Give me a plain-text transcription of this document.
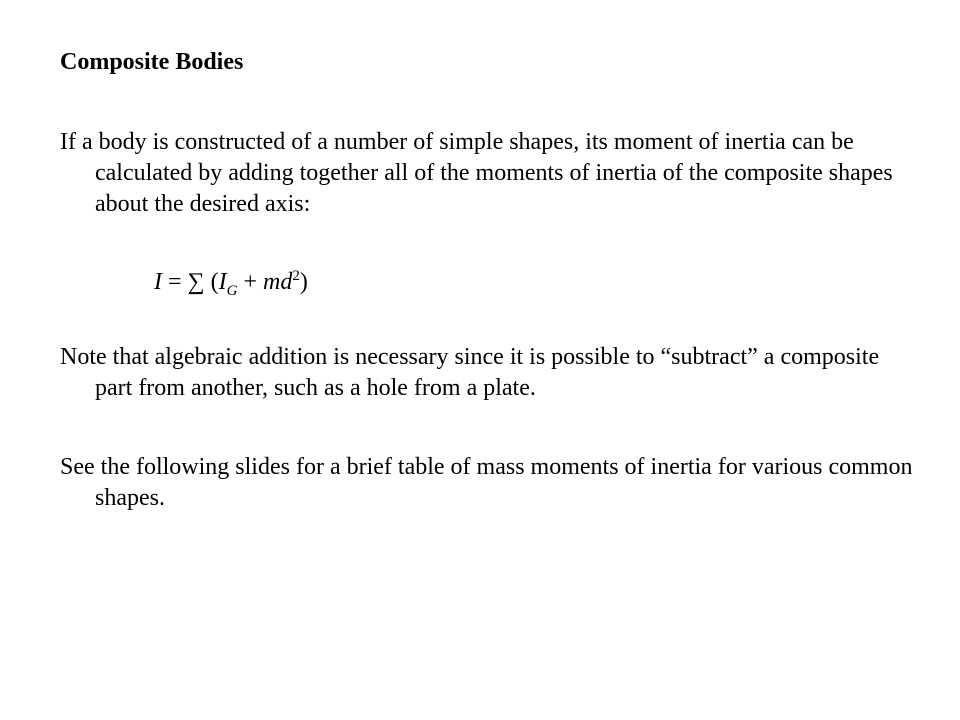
Composite Bodies

If a body is constructed of a number of simple shapes, its moment of inertia can be calculated by adding together all of the moments of inertia of the composite shapes about the desired axis:

I = ∑ $(I_G + md^2)$

Note that algebraic addition is necessary since it is possible to “subtract” a composite part from another, such as a hole from a plate.

See the following slides for a brief table of mass moments of inertia for various common shapes.
